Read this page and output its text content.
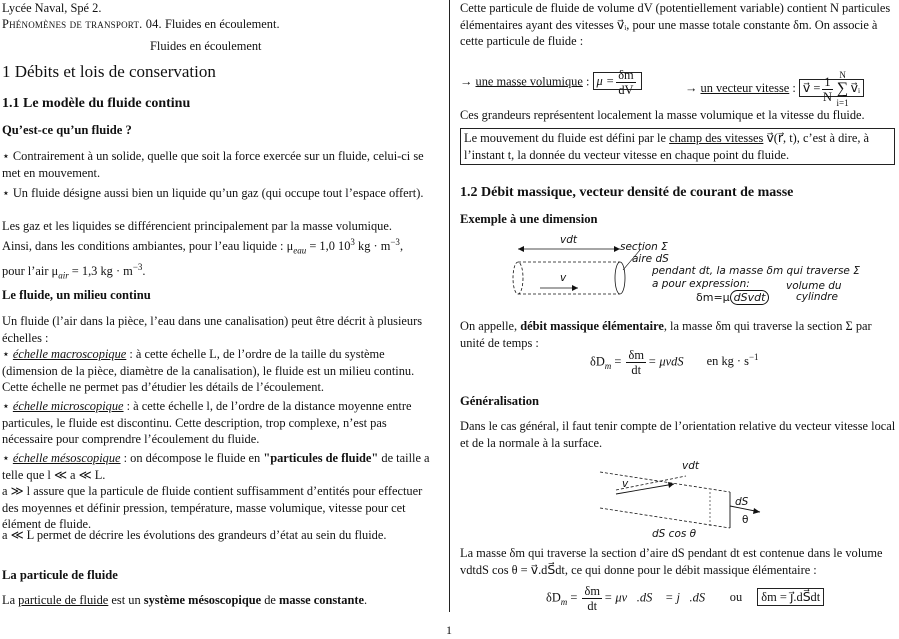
Lycée Naval, Spé 2.
Phénomènes de transport. 04. Fluides en écoulement.
Fluides en écoulement
1 Débits et lois de conservation
1.1 Le modèle du fluide continu
Qu’est-ce qu’un fluide ?
⋆ Contrairement à un solide, quelle que soit la force exercée sur un fluide, celui-ci se met en mouvement.
⋆ Un fluide désigne aussi bien un liquide qu’un gaz (qui occupe tout l’espace offert).
Les gaz et les liquides se différencient principalement par la masse volumique.
Ainsi, dans les conditions ambiantes, pour l’eau liquide : $\mu_{eau} = 1,0$ $10^3$ kg · $m^{-3}$,
pour l’air $\mu_{air} = 1,3$ kg · $m^{-3}$.
Le fluide, un milieu continu
Un fluide (l’air dans la pièce, l’eau dans une canalisation) peut être décrit à plusieurs échelles :
⋆ échelle macroscopique : à cette échelle L, de l’ordre de la taille du système (dimension de la pièce, diamètre de la canalisation), le fluide est un milieu continu. Cette échelle ne permet pas d’étudier les détails de l’écoulement.
⋆ échelle microscopique : à cette échelle l, de l’ordre de la distance moyenne entre particules, le fluide est discontinu. Cette description, trop complexe, n’est pas nécessaire pour comprendre l’écoulement du fluide.
⋆ échelle mésoscopique : on décompose le fluide en "particules de fluide" de taille a telle que l ≪ a ≪ L.
a ≫ l assure que la particule de fluide contient suffisamment d’entités pour effectuer des moyennes et définir pression, température, masse volumique, vitesse pour cet élément de fluide.
a ≪ L permet de décrire les évolutions des grandeurs d’état au sein du fluide.
La particule de fluide
La particule de fluide est un système mésoscopique de masse constante.
Cette particule de fluide de volume dV (potentiellement variable) contient N particules élémentaires ayant des vitesses v⃗ᵢ, pour une masse totale constante δm. On associe à cette particule de fluide :
→ une masse volumique : $\mu = \frac{\delta m}{dV}$	→ un vecteur vitesse : v⃗ = $\frac{1}{N}$ N
∑
i=1
v⃗ᵢ
Ces grandeurs représentent localement la masse volumique et la vitesse du fluide.
Le mouvement du fluide est défini par le champ des vitesses v⃗(r⃗, t), c’est à dire, à l’instant t, la donnée du vecteur vitesse en chaque point du fluide.
1.2 Débit massique, vecteur densité de courant de masse
Exemple à une dimension
vdt
v
section Σ
aire dS
pendant dt, la masse δm qui traverse Σ
a pour expression:	volume du
cylindre
δm=μ dSvdt
On appelle, débit massique élémentaire, la masse δm qui traverse la section Σ par unité de temps :
$\delta D_m = \frac{\delta m}{dt} = \mu vdS$ en kg · $s^{-1}$
Généralisation
Dans le cas général, il faut tenir compte de l’orientation relative du vecteur vitesse local et de la normale à la surface.
vdt
v
dS
θ
dS cos θ
La masse δm qui traverse la section d’aire dS pendant dt est contenue dans le volume vdtdS cos θ = v⃗.dS⃗dt, ce qui donne pour le débit massique élémentaire :
$\delta D_m = \frac{\delta m}{dt}$ = μv⃗.dS⃗ = j⃗.dS⃗ ou δm = j⃗.dS⃗dt
1
